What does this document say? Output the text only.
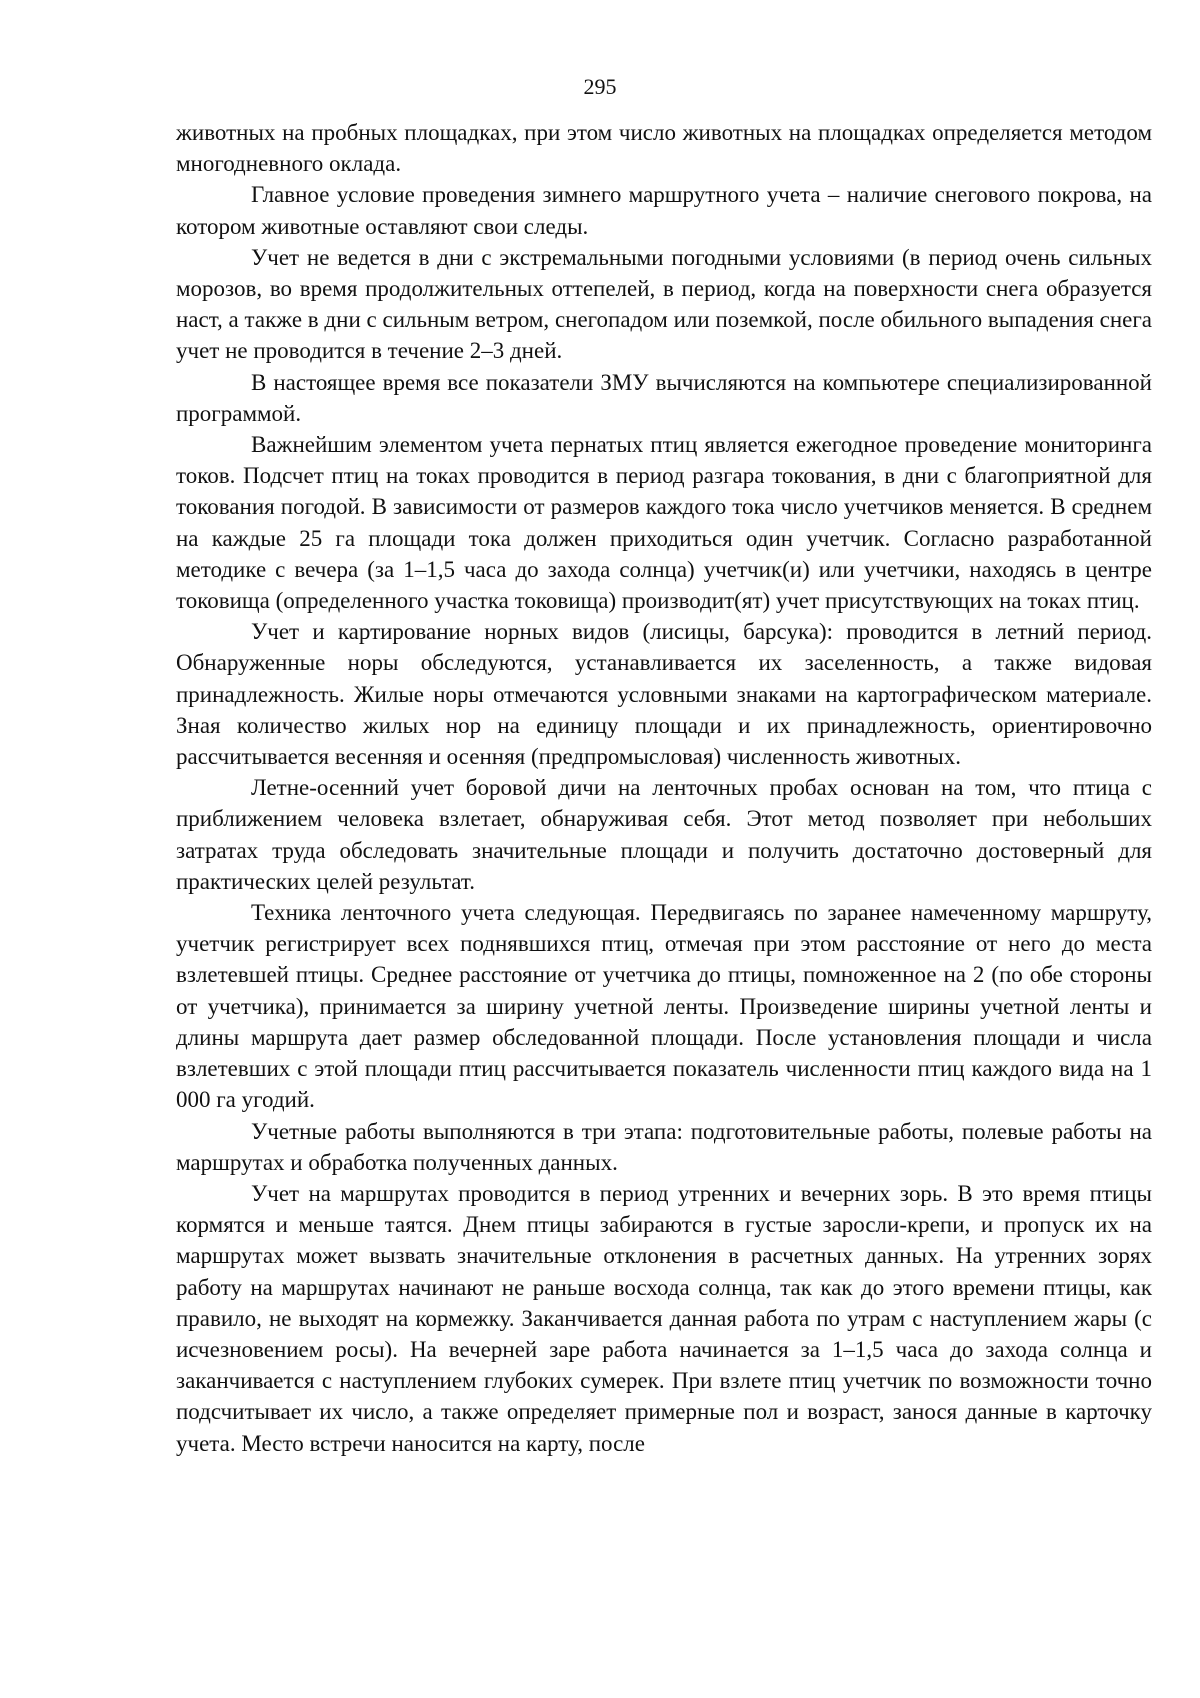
295

животных на пробных площадках, при этом число животных на площадках определяется методом многодневного оклада.

Главное условие проведения зимнего маршрутного учета – наличие снегового покрова, на котором животные оставляют свои следы.

Учет не ведется в дни с экстремальными погодными условиями (в период очень сильных морозов, во время продолжительных оттепелей, в период, когда на поверхности снега образуется наст, а также в дни с сильным ветром, снегопадом или поземкой, после обильного выпадения снега учет не проводится в течение 2–3 дней.

В настоящее время все показатели ЗМУ вычисляются на компьютере специализированной программой.

Важнейшим элементом учета пернатых птиц является ежегодное проведение мониторинга токов. Подсчет птиц на токах проводится в период разгара токования, в дни с благоприятной для токования погодой. В зависимости от размеров каждого тока число учетчиков меняется. В среднем на каждые 25 га площади тока должен приходиться один учетчик. Согласно разработанной методике с вечера (за 1–1,5 часа до захода солнца) учетчик(и) или учетчики, находясь в центре токовища (определенного участка токовища) производит(ят) учет присутствующих на токах птиц.

Учет и картирование норных видов (лисицы, барсука): проводится в летний период. Обнаруженные норы обследуются, устанавливается их заселенность, а также видовая принадлежность. Жилые норы отмечаются условными знаками на картографическом материале. Зная количество жилых нор на единицу площади и их принадлежность, ориентировочно рассчитывается весенняя и осенняя (предпромысловая) численность животных.

Летне-осенний учет боровой дичи на ленточных пробах основан на том, что птица с приближением человека взлетает, обнаруживая себя. Этот метод позволяет при небольших затратах труда обследовать значительные площади и получить достаточно достоверный для практических целей результат.

Техника ленточного учета следующая. Передвигаясь по заранее намеченному маршруту, учетчик регистрирует всех поднявшихся птиц, отмечая при этом расстояние от него до места взлетевшей птицы. Среднее расстояние от учетчика до птицы, помноженное на 2 (по обе стороны от учетчика), принимается за ширину учетной ленты. Произведение ширины учетной ленты и длины маршрута дает размер обследованной площади. После установления площади и числа взлетевших с этой площади птиц рассчитывается показатель численности птиц каждого вида на 1 000 га угодий.

Учетные работы выполняются в три этапа: подготовительные работы, полевые работы на маршрутах и обработка полученных данных.

Учет на маршрутах проводится в период утренних и вечерних зорь. В это время птицы кормятся и меньше таятся. Днем птицы забираются в густые заросли-крепи, и пропуск их на маршрутах может вызвать значительные отклонения в расчетных данных. На утренних зорях работу на маршрутах начинают не раньше восхода солнца, так как до этого времени птицы, как правило, не выходят на кормежку. Заканчивается данная работа по утрам с наступлением жары (с исчезновением росы). На вечерней заре работа начинается за 1–1,5 часа до захода солнца и заканчивается с наступлением глубоких сумерек. При взлете птиц учетчик по возможности точно подсчитывает их число, а также определяет примерные пол и возраст, занося данные в карточку учета. Место встречи наносится на карту, после
